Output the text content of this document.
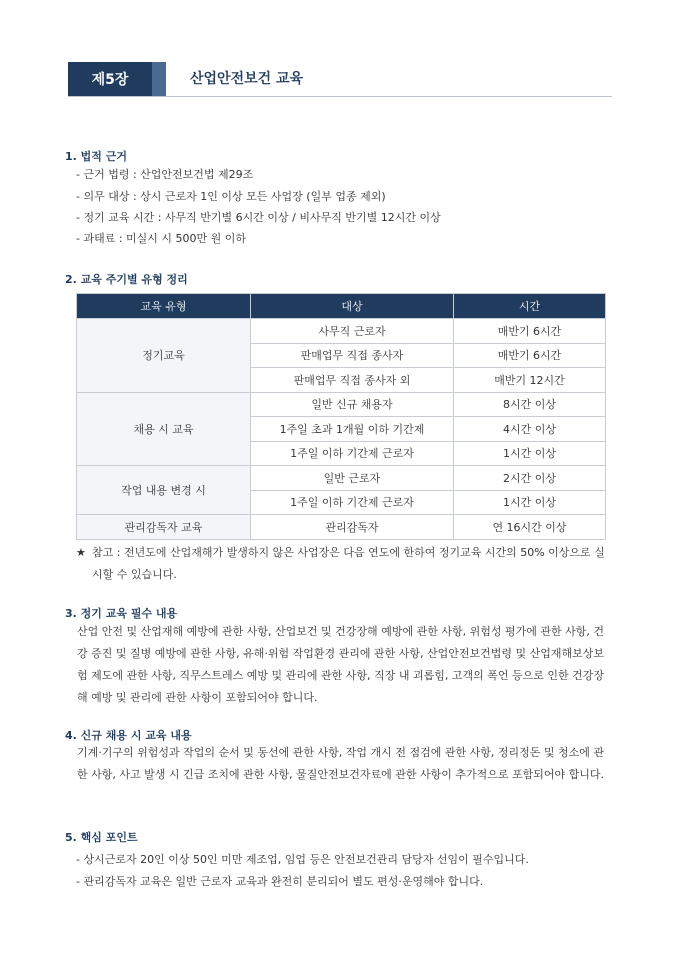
제5장	산업안전보건 교육
1. 법적 근거
- 근거 법령 : 산업안전보건법 제29조
- 의무 대상 : 상시 근로자 1인 이상 모든 사업장 (일부 업종 제외)
- 정기 교육 시간 : 사무직 반기별 6시간 이상 / 비사무직 반기별 12시간 이상
- 과태료 : 미실시 시 500만 원 이하
2. 교육 주기별 유형 정리
교육 유형	대상	시간
정기교육	사무직 근로자	매반기 6시간
	판매업무 직접 종사자	매반기 6시간
	판매업무 직접 종사자 외	매반기 12시간
채용 시 교육	일반 신규 채용자	8시간 이상
	1주일 초과 1개월 이하 기간제	4시간 이상
	1주일 이하 기간제 근로자	1시간 이상
작업 내용 변경 시	일반 근로자	2시간 이상
	1주일 이하 기간제 근로자	1시간 이상
관리감독자 교육	관리감독자	연 16시간 이상
★ 참고 : 전년도에 산업재해가 발생하지 않은 사업장은 다음 연도에 한하여 정기교육 시간의 50% 이상으로 실시할 수 있습니다.
3. 정기 교육 필수 내용
산업 안전 및 산업재해 예방에 관한 사항, 산업보건 및 건강장해 예방에 관한 사항, 위험성 평가에 관한 사항, 건강 증진 및 질병 예방에 관한 사항, 유해·위험 작업환경 관리에 관한 사항, 산업안전보건법령 및 산업재해보상보험 제도에 관한 사항, 직무스트레스 예방 및 관리에 관한 사항, 직장 내 괴롭힘, 고객의 폭언 등으로 인한 건강장해 예방 및 관리에 관한 사항이 포함되어야 합니다.
4. 신규 채용 시 교육 내용
기계·기구의 위험성과 작업의 순서 및 동선에 관한 사항, 작업 개시 전 점검에 관한 사항, 정리정돈 및 청소에 관한 사항, 사고 발생 시 긴급 조치에 관한 사항, 물질안전보건자료에 관한 사항이 추가적으로 포함되어야 합니다.
5. 핵심 포인트
- 상시근로자 20인 이상 50인 미만 제조업, 임업 등은 안전보건관리 담당자 선임이 필수입니다.
- 관리감독자 교육은 일반 근로자 교육과 완전히 분리되어 별도 편성·운영해야 합니다.
